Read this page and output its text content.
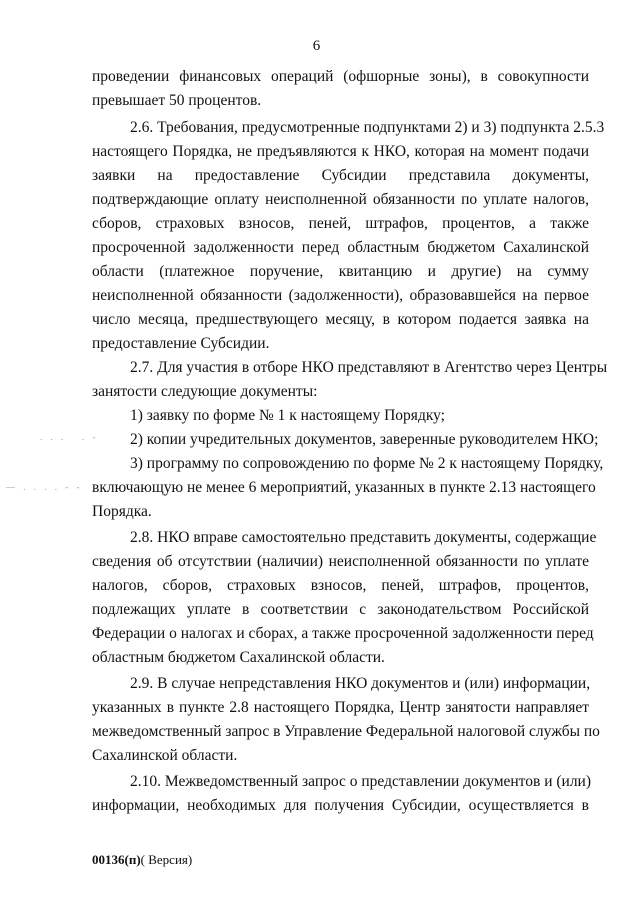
6
проведении финансовых операций (офшорные зоны), в совокупности
превышает 50 процентов.
2.6. Требования, предусмотренные подпунктами 2) и 3) подпункта 2.5.3
настоящего Порядка, не предъявляются к НКО, которая на момент подачи
заявки на предоставление Субсидии представила документы,
подтверждающие оплату неисполненной обязанности по уплате налогов,
сборов, страховых взносов, пеней, штрафов, процентов, а также
просроченной задолженности перед областным бюджетом Сахалинской
области (платежное поручение, квитанцию и другие) на сумму
неисполненной обязанности (задолженности), образовавшейся на первое
число месяца, предшествующего месяцу, в котором подается заявка на
предоставление Субсидии.
2.7. Для участия в отборе НКО представляют в Агентство через Центры
занятости следующие документы:
1) заявку по форме № 1 к настоящему Порядку;
2) копии учредительных документов, заверенные руководителем НКО;
3) программу по сопровождению по форме № 2 к настоящему Порядку,
включающую не менее 6 мероприятий, указанных в пункте 2.13 настоящего
Порядка.
2.8. НКО вправе самостоятельно представить документы, содержащие
сведения об отсутствии (наличии) неисполненной обязанности по уплате
налогов, сборов, страховых взносов, пеней, штрафов, процентов,
подлежащих уплате в соответствии с законодательством Российской
Федерации о налогах и сборах, а также просроченной задолженности перед
областным бюджетом Сахалинской области.
2.9. В случае непредставления НКО документов и (или) информации,
указанных в пункте 2.8 настоящего Порядка, Центр занятости направляет
межведомственный запрос в Управление Федеральной налоговой службы по
Сахалинской области.
2.10. Межведомственный запрос о представлении документов и (или)
информации, необходимых для получения Субсидии, осуществляется в
. . .   . -
— . . . . - -
00136(п)( Версия)
